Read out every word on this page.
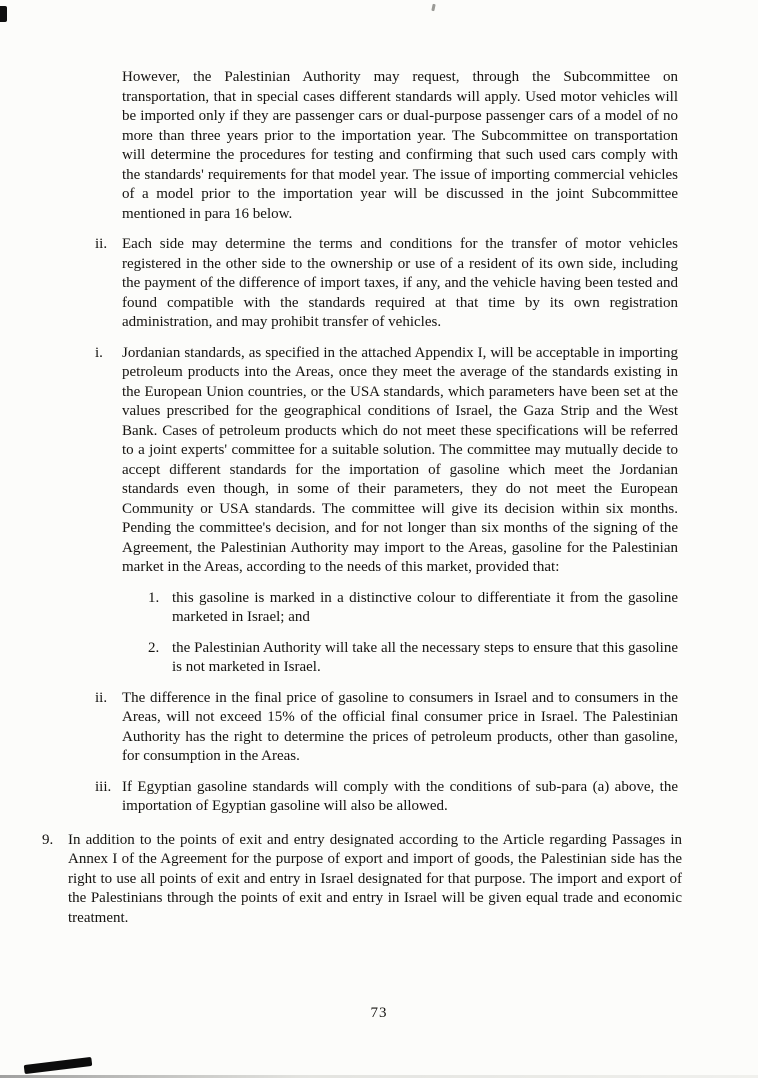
However, the Palestinian Authority may request, through the Subcommittee on transportation, that in special cases different standards will apply. Used motor vehicles will be imported only if they are passenger cars or dual-purpose passenger cars of a model of no more than three years prior to the importation year. The Subcommittee on transportation will determine the procedures for testing and confirming that such used cars comply with the standards' requirements for that model year. The issue of importing commercial vehicles of a model prior to the importation year will be discussed in the joint Subcommittee mentioned in para 16 below.
ii. Each side may determine the terms and conditions for the transfer of motor vehicles registered in the other side to the ownership or use of a resident of its own side, including the payment of the difference of import taxes, if any, and the vehicle having been tested and found compatible with the standards required at that time by its own registration administration, and may prohibit transfer of vehicles.
i.	Jordanian standards, as specified in the attached Appendix I, will be acceptable in importing petroleum products into the Areas, once they meet the average of the standards existing in the European Union countries, or the USA standards, which parameters have been set at the values prescribed for the geographical conditions of Israel, the Gaza Strip and the West Bank. Cases of petroleum products which do not meet these specifications will be referred to a joint experts' committee for a suitable solution. The committee may mutually decide to accept different standards for the importation of gasoline which meet the Jordanian standards even though, in some of their parameters, they do not meet the European Community or USA standards. The committee will give its decision within six months. Pending the committee's decision, and for not longer than six months of the signing of the Agreement, the Palestinian Authority may import to the Areas, gasoline for the Palestinian market in the Areas, according to the needs of this market, provided that:
1. this gasoline is marked in a distinctive colour to differentiate it from the gasoline marketed in Israel; and
2. the Palestinian Authority will take all the necessary steps to ensure that this gasoline is not marketed in Israel.
ii. The difference in the final price of gasoline to consumers in Israel and to consumers in the Areas, will not exceed 15% of the official final consumer price in Israel. The Palestinian Authority has the right to determine the prices of petroleum products, other than gasoline, for consumption in the Areas.
iii. If Egyptian gasoline standards will comply with the conditions of sub-para (a) above, the importation of Egyptian gasoline will also be allowed.
9. In addition to the points of exit and entry designated according to the Article regarding Passages in Annex I of the Agreement for the purpose of export and import of goods, the Palestinian side has the right to use all points of exit and entry in Israel designated for that purpose. The import and export of the Palestinians through the points of exit and entry in Israel will be given equal trade and economic treatment.
73
